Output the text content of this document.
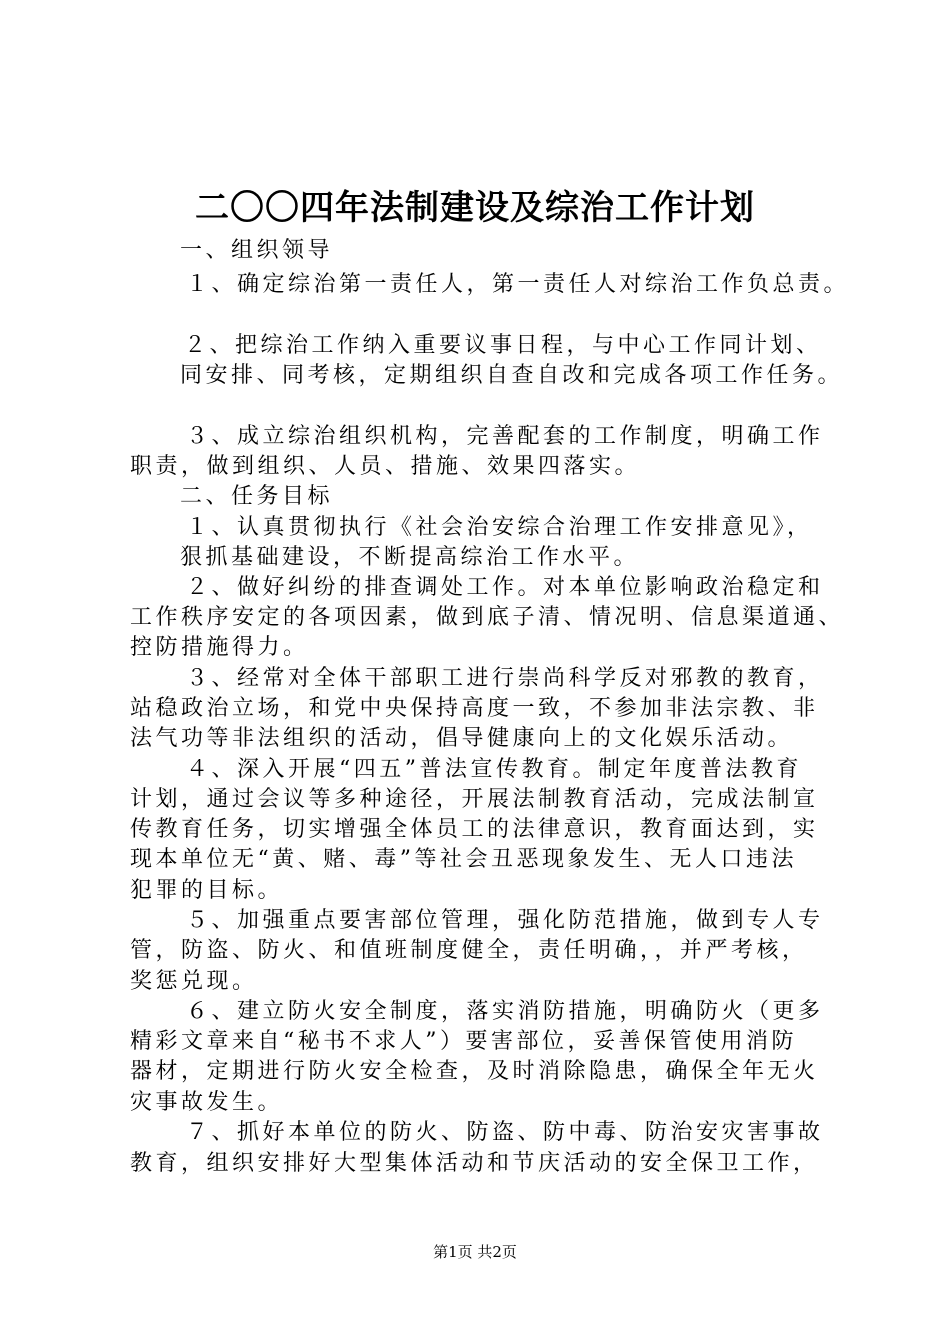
二〇〇四年法制建设及综治工作计划
一、组织领导
１、确定综治第一责任人，第一责任人对综治工作负总责。
２、把综治工作纳入重要议事日程，与中心工作同计划、
同安排、同考核，定期组织自查自改和完成各项工作任务。
３、成立综治组织机构，完善配套的工作制度，明确工作
职责，做到组织、人员、措施、效果四落实。
二、任务目标
１、认真贯彻执行《社会治安综合治理工作安排意见》，
狠抓基础建设，不断提高综治工作水平。
２、做好纠纷的排查调处工作。对本单位影响政治稳定和
工作秩序安定的各项因素，做到底子清、情况明、信息渠道通、
控防措施得力。
３、经常对全体干部职工进行崇尚科学反对邪教的教育，
站稳政治立场，和党中央保持高度一致，不参加非法宗教、非
法气功等非法组织的活动，倡导健康向上的文化娱乐活动。
４、深入开展“四五”普法宣传教育。制定年度普法教育
计划，通过会议等多种途径，开展法制教育活动，完成法制宣
传教育任务，切实增强全体员工的法律意识，教育面达到，实
现本单位无“黄、赌、毒”等社会丑恶现象发生、无人口违法
犯罪的目标。
５、加强重点要害部位管理，强化防范措施，做到专人专
管，防盗、防火、和值班制度健全，责任明确，，并严考核，
奖惩兑现。
６、建立防火安全制度，落实消防措施，明确防火（更多
精彩文章来自“秘书不求人”）要害部位，妥善保管使用消防
器材，定期进行防火安全检查，及时消除隐患，确保全年无火
灾事故发生。
７、抓好本单位的防火、防盗、防中毒、防治安灾害事故
教育，组织安排好大型集体活动和节庆活动的安全保卫工作，
第1页 共2页
